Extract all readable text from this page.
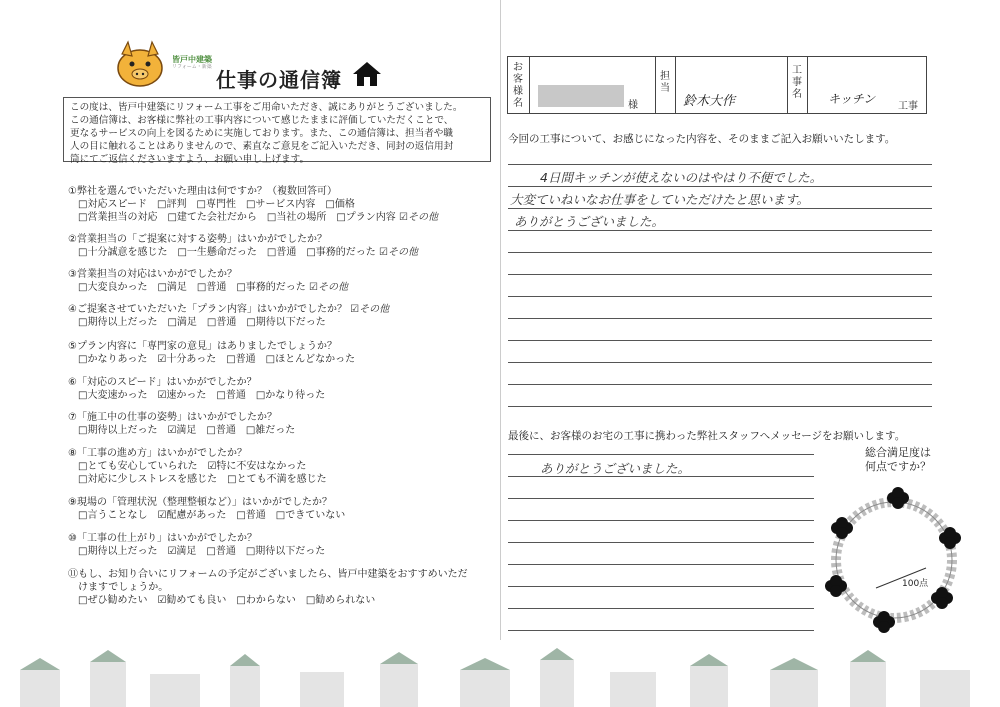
皆戸中建築
リフォーム・新築
仕事の通信簿
この度は、皆戸中建築にリフォーム工事をご用命いただき、誠にありがとうございました。
この通信簿は、お客様に弊社の工事内容について感じたままに評価していただくことで、
更なるサービスの向上を図るために実施しております。また、この通信簿は、担当者や職
人の目に触れることはありませんので、素直なご意見をご記入いただき、同封の返信用封
筒にてご返信くださいますよう、お願い申し上げます。
①弊社を選んでいただいた理由は何ですか？（複数回答可）
□対応スピード　□評判　□専門性　□サービス内容　□価格
□営業担当の対応　□建てた会社だから　□当社の場所　□プラン内容 ☑その他
②営業担当の「ご提案に対する姿勢」はいかがでしたか？
□十分誠意を感じた　□一生懸命だった　□普通　□事務的だった ☑その他
③営業担当の対応はいかがでしたか？
□大変良かった　□満足　□普通　□事務的だった ☑その他
④ご提案させていただいた「プラン内容」はいかがでしたか？ ☑その他
□期待以上だった　□満足　□普通　□期待以下だった
⑤プラン内容に「専門家の意見」はありましたでしょうか？
□かなりあった　☑十分あった　□普通　□ほとんどなかった
⑥「対応のスピード」はいかがでしたか？
□大変速かった　☑速かった　□普通　□かなり待った
⑦「施工中の仕事の姿勢」はいかがでしたか？
□期待以上だった　☑満足　□普通　□雑だった
⑧「工事の進め方」はいかがでしたか？
□とても安心していられた　☑特に不安はなかった
□対応に少しストレスを感じた　□とても不満を感じた
⑨現場の「管理状況（整理整頓など）」はいかがでしたか？
□言うことなし　☑配慮があった　□普通　□できていない
⑩「工事の仕上がり」はいかがでしたか？
□期待以上だった　☑満足　□普通　□期待以下だった
⑪もし、お知り合いにリフォームの予定がございましたら、皆戸中建築をおすすめいただ
けますでしょうか。
□ぜひ勧めたい　☑勧めても良い　□わからない　□勧められない
お客様名
担当
工事名
様	鈴木大作	キッチン
工事
今回の工事について、お感じになった内容を、そのままご記入お願いいたします。
4日間キッチンが使えないのはやはり不便でした。
大変ていねいなお仕事をしていただけたと思います。
ありがとうございました。
最後に、お客様のお宅の工事に携わった弊社スタッフへメッセージをお願いします。
ありがとうございました。
総合満足度は
何点ですか？
100点
